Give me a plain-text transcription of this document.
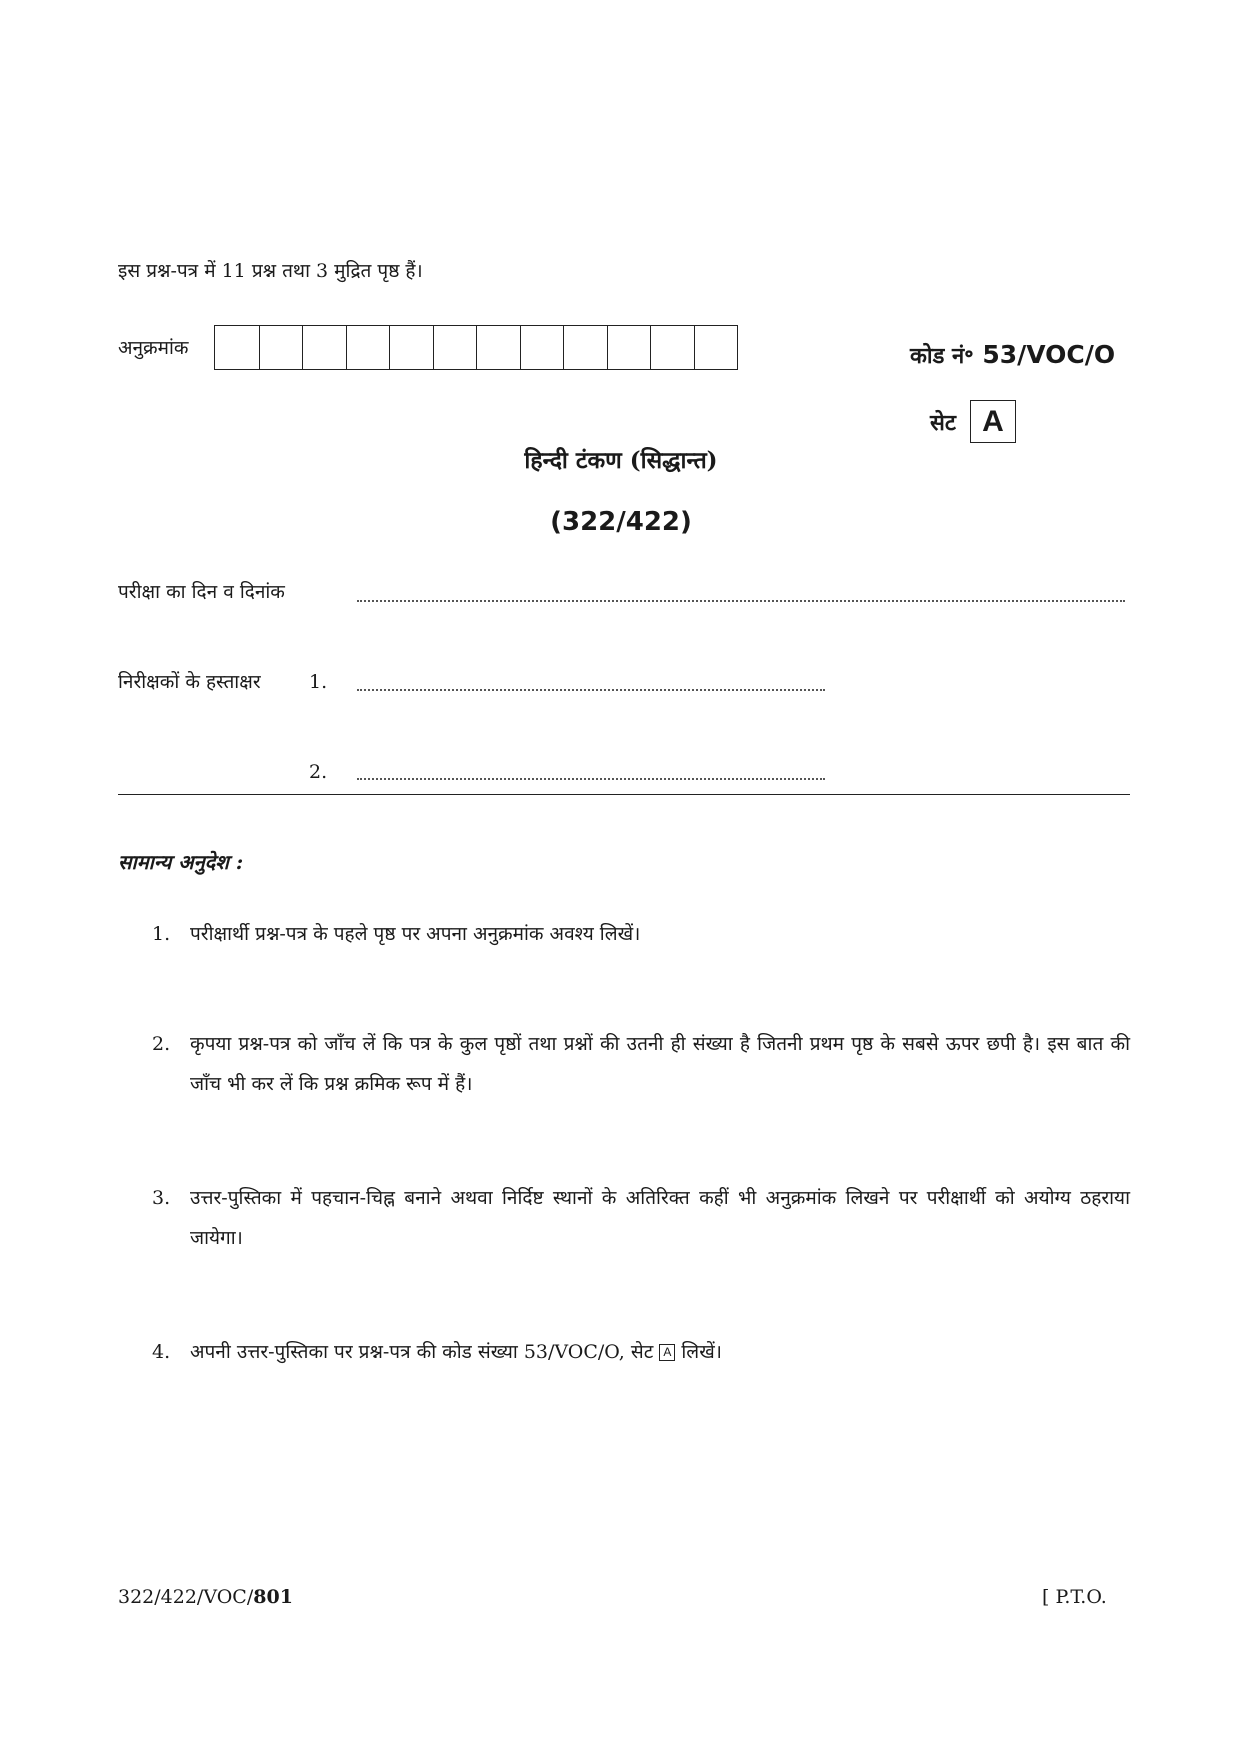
इस प्रश्न-पत्र में 11 प्रश्न तथा 3 मुद्रित पृष्ठ हैं।
अनुक्रमांक	कोड नं॰ 53/VOC/O
सेट A
हिन्दी टंकण (सिद्धान्त)
(322/422)
परीक्षा का दिन व दिनांक
निरीक्षकों के हस्ताक्षर	1.
2.
सामान्य अनुदेश :
1.	परीक्षार्थी प्रश्न-पत्र के पहले पृष्ठ पर अपना अनुक्रमांक अवश्य लिखें।
2.	कृपया प्रश्न-पत्र को जाँच लें कि पत्र के कुल पृष्ठों तथा प्रश्नों की उतनी ही संख्या है जितनी प्रथम पृष्ठ के सबसे ऊपर छपी है। इस बात की जाँच भी कर लें कि प्रश्न क्रमिक रूप में हैं।
3.	उत्तर-पुस्तिका में पहचान-चिह्न बनाने अथवा निर्दिष्ट स्थानों के अतिरिक्त कहीं भी अनुक्रमांक लिखने पर परीक्षार्थी को अयोग्य ठहराया जायेगा।
4.	अपनी उत्तर-पुस्तिका पर प्रश्न-पत्र की कोड संख्या 53/VOC/O, सेट A लिखें।
322/422/VOC/801	[ P.T.O.
